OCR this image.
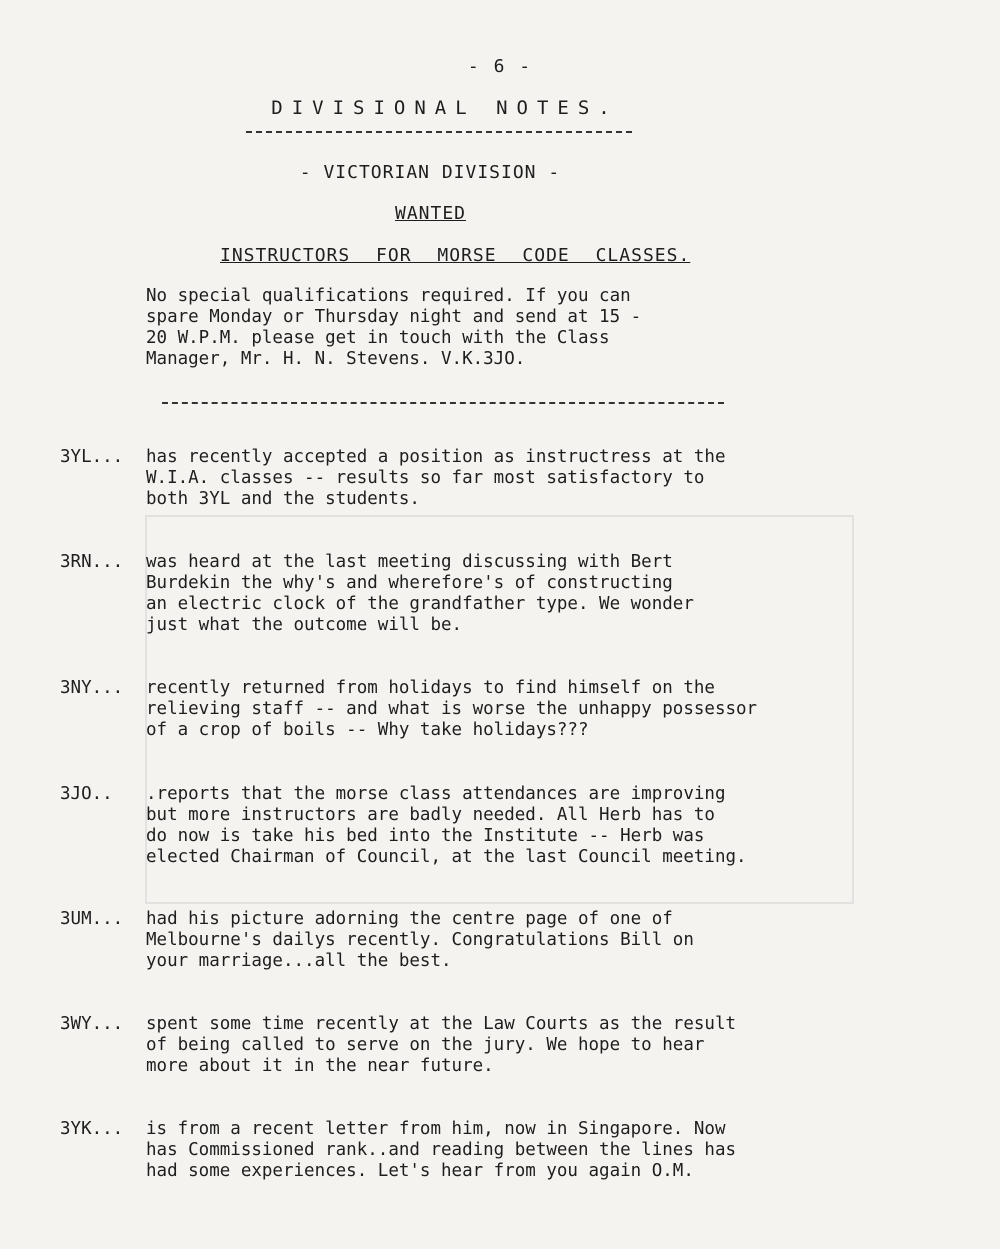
- 6 -
DIVISIONAL NOTES.
- VICTORIAN DIVISION -
WANTED
INSTRUCTORS FOR MORSE CODE CLASSES.
No special qualifications required. If you can
spare Monday or Thursday night and send at 15 -
20 W.P.M. please get in touch with the Class
Manager, Mr. H. N. Stevens. V.K.3JO.
3YL...	has recently accepted a position as instructress at the
W.I.A. classes -- results so far most satisfactory to
both 3YL and the students.
3RN...	was heard at the last meeting discussing with Bert
Burdekin the why's and wherefore's of constructing
an electric clock of the grandfather type. We wonder
just what the outcome will be.
3NY...	recently returned from holidays to find himself on the
relieving staff -- and what is worse the unhappy possessor
of a crop of boils -- Why take holidays???
3JO..	.reports that the morse class attendances are improving
but more instructors are badly needed. All Herb has to
do now is take his bed into the Institute -- Herb was
elected Chairman of Council, at the last Council meeting.
3UM...	had his picture adorning the centre page of one of
Melbourne's dailys recently. Congratulations Bill on
your marriage...all the best.
3WY...	spent some time recently at the Law Courts as the result
of being called to serve on the jury. We hope to hear
more about it in the near future.
3YK...	is from a recent letter from him, now in Singapore. Now
has Commissioned rank..and reading between the lines has
had some experiences. Let's hear from you again O.M.
